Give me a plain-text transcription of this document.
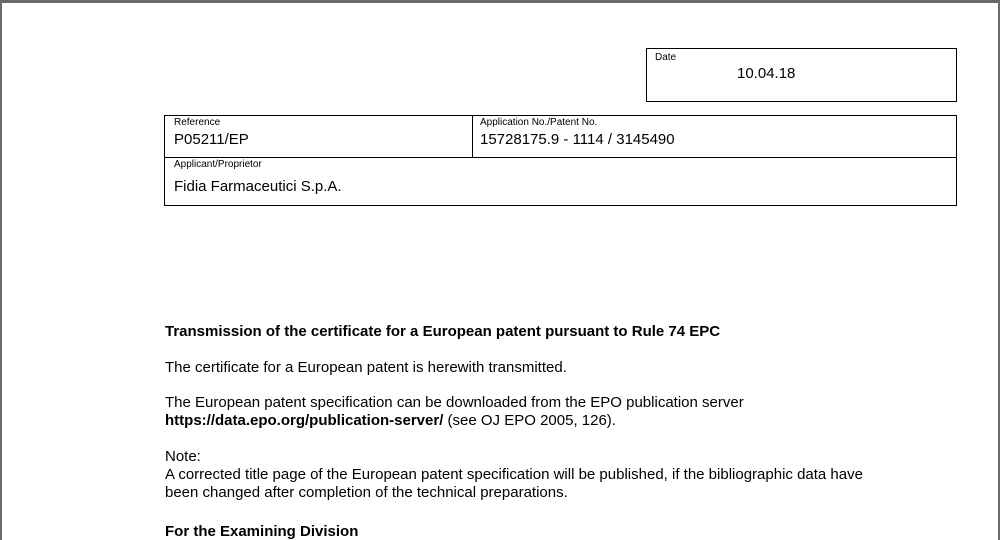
Date
10.04.18
Reference
P05211/EP
Application No./Patent No.
15728175.9 - 1114 / 3145490
Applicant/Proprietor
Fidia Farmaceutici S.p.A.
Transmission of the certificate for a European patent pursuant to Rule 74 EPC
The certificate for a European patent is herewith transmitted.
The European patent specification can be downloaded from the EPO publication server
https://data.epo.org/publication-server/ (see OJ EPO 2005, 126).
Note:
A corrected title page of the European patent specification will be published, if the bibliographic data have
been changed after completion of the technical preparations.
For the Examining Division
